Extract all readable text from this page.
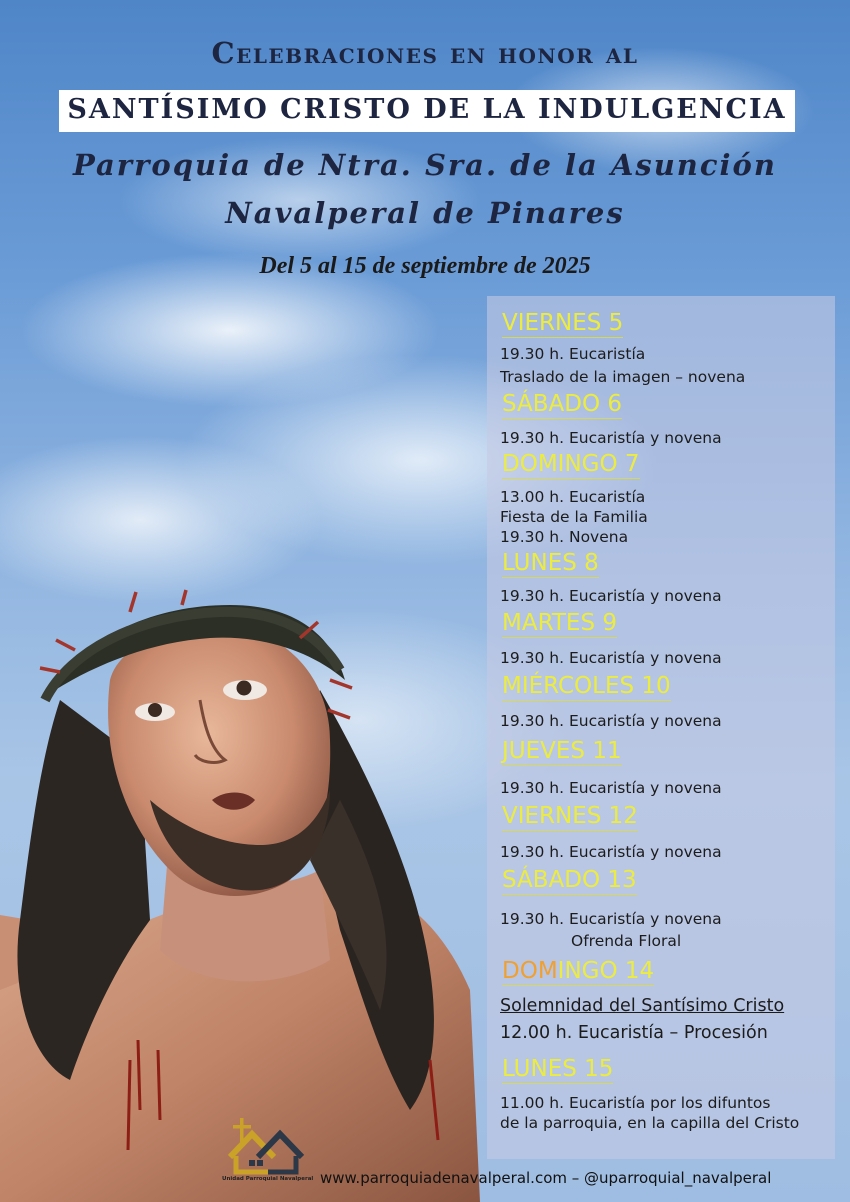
Celebraciones en honor al
SANTÍSIMO CRISTO DE LA INDULGENCIA
Parroquia de Ntra. Sra. de la Asunción
Navalperal de Pinares
Del 5 al 15 de septiembre de 2025
VIERNES 5
19.30 h. Eucaristía
Traslado de la imagen – novena
SÁBADO 6
19.30 h. Eucaristía y novena
DOMINGO 7
13.00 h. Eucaristía
Fiesta de la Familia
19.30 h. Novena
LUNES 8
19.30 h. Eucaristía y novena
MARTES 9
19.30 h. Eucaristía y novena
MIÉRCOLES 10
19.30 h. Eucaristía y novena
JUEVES 11
19.30 h. Eucaristía y novena
VIERNES 12
19.30 h. Eucaristía y novena
SÁBADO 13
19.30 h. Eucaristía y novena
Ofrenda Floral
DOMINGO 14
Solemnidad del Santísimo Cristo
12.00 h. Eucaristía – Procesión
LUNES 15
11.00 h. Eucaristía por los difuntos
de la parroquia, en la capilla del Cristo
Unidad Parroquial Navalperal www.parroquiadenavalperal.com – @uparroquial_navalperal
